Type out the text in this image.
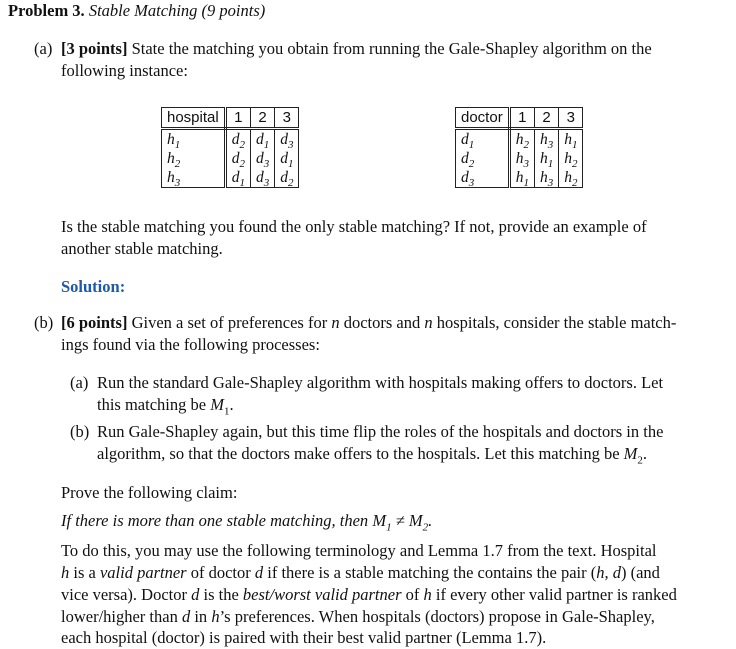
Problem 3. Stable Matching (9 points)
(a) [3 points] State the matching you obtain from running the Gale-Shapley algorithm on the
following instance:
hospital	1	2	3
$h_1$	$d_2$	$d_1$	$d_3$
$h_2$	$d_2$	$d_3$	$d_1$
$h_3$	$d_1$	$d_3$	$d_2$
doctor	1	2	3
$d_1$	$h_2$	$h_3$	$h_1$
$d_2$	$h_3$	$h_1$	$h_2$
$d_3$	$h_1$	$h_3$	$h_2$
Is the stable matching you found the only stable matching? If not, provide an example of
another stable matching.
Solution:
(b) [6 points] Given a set of preferences for n doctors and n hospitals, consider the stable match-
ings found via the following processes:
(a) Run the standard Gale-Shapley algorithm with hospitals making offers to doctors. Let
this matching be $M_1$.
(b) Run Gale-Shapley again, but this time flip the roles of the hospitals and doctors in the
algorithm, so that the doctors make offers to the hospitals. Let this matching be $M_2$.
Prove the following claim:
If there is more than one stable matching, then $M_1 \ne M_2$.
To do this, you may use the following terminology and Lemma 1.7 from the text. Hospital
h is a valid partner of doctor d if there is a stable matching the contains the pair (h, d) (and
vice versa). Doctor d is the best/worst valid partner of h if every other valid partner is ranked
lower/higher than d in h’s preferences. When hospitals (doctors) propose in Gale-Shapley,
each hospital (doctor) is paired with their best valid partner (Lemma 1.7).
